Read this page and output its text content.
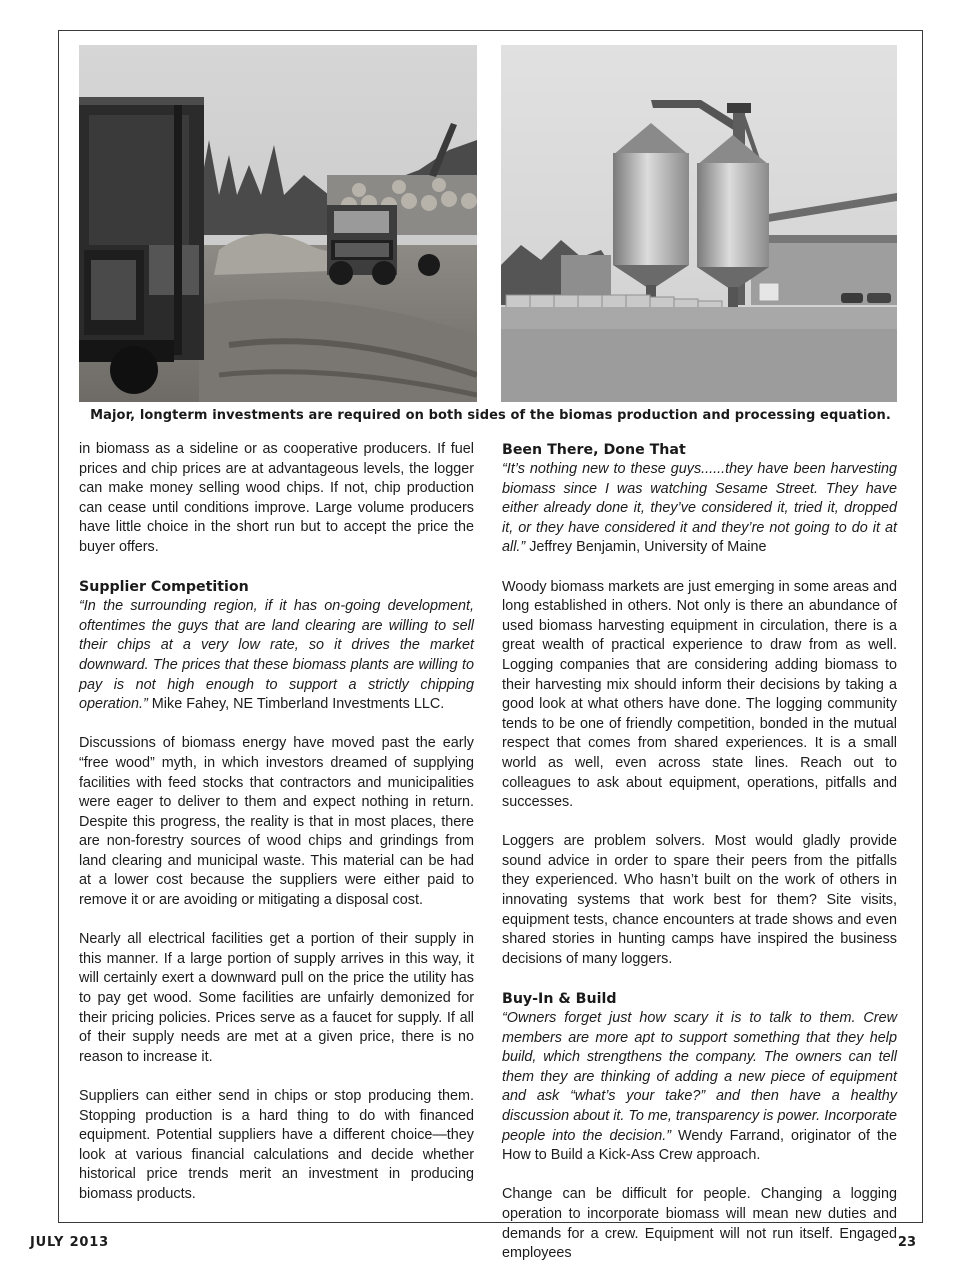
Major, longterm investments are required on both sides of the biomas production and processing equation.

in biomass as a sideline or as cooperative producers. If fuel prices and chip prices are at advantageous levels, the logger can make money selling wood chips. If not, chip production can cease until conditions improve. Large volume producers have little choice in the short run but to accept the price the buyer offers.

Supplier Competition

“In the surrounding region, if it has on-going development, oftentimes the guys that are land clearing are willing to sell their chips at a very low rate, so it drives the market downward. The prices that these biomass plants are willing to pay is not high enough to support a strictly chipping operation.” Mike Fahey, NE Timberland Investments LLC.

Discussions of biomass energy have moved past the early “free wood” myth, in which investors dreamed of supplying facilities with feed stocks that contractors and municipalities were eager to deliver to them and expect nothing in return. Despite this progress, the reality is that in most places, there are non-forestry sources of wood chips and grindings from land clearing and municipal waste. This material can be had at a lower cost because the suppliers were either paid to remove it or are avoiding or mitigating a disposal cost.

Nearly all electrical facilities get a portion of their supply in this manner. If a large portion of supply arrives in this way, it will certainly exert a downward pull on the price the utility has to pay get wood. Some facilities are unfairly demonized for their pricing policies. Prices serve as a faucet for supply. If all of their supply needs are met at a given price, there is no reason to increase it.

Suppliers can either send in chips or stop producing them. Stopping production is a hard thing to do with financed equipment. Potential suppliers have a different choice—they look at various financial calculations and decide whether historical price trends merit an investment in producing biomass products.

Been There, Done That

“It’s nothing new to these guys......they have been harvesting biomass since I was watching Sesame Street. They have either already done it, they’ve considered it, tried it, dropped it, or they have considered it and they’re not going to do it at all.” Jeffrey Benjamin, University of Maine

Woody biomass markets are just emerging in some areas and long established in others. Not only is there an abundance of used biomass harvesting equipment in circulation, there is a great wealth of practical experience to draw from as well. Logging companies that are considering adding biomass to their harvesting mix should inform their decisions by taking a good look at what others have done. The logging community tends to be one of friendly competition, bonded in the mutual respect that comes from shared experiences. It is a small world as well, even across state lines. Reach out to colleagues to ask about equipment, operations, pitfalls and successes.

Loggers are problem solvers. Most would gladly provide sound advice in order to spare their peers from the pitfalls they experienced. Who hasn’t built on the work of others in innovating systems that work best for them? Site visits, equipment tests, chance encounters at trade shows and even shared stories in hunting camps have inspired the business decisions of many loggers.

Buy-In & Build

“Owners forget just how scary it is to talk to them. Crew members are more apt to support something that they help build, which strengthens the company. The owners can tell them they are thinking of adding a new piece of equipment and ask “what’s your take?” and then have a healthy discussion about it. To me, transparency is power. Incorporate people into the decision.” Wendy Farrand, originator of the How to Build a Kick-Ass Crew approach.

Change can be difficult for people. Changing a logging operation to incorporate biomass will mean new duties and demands for a crew. Equipment will not run itself. Engaged employees

JULY 2013	23
